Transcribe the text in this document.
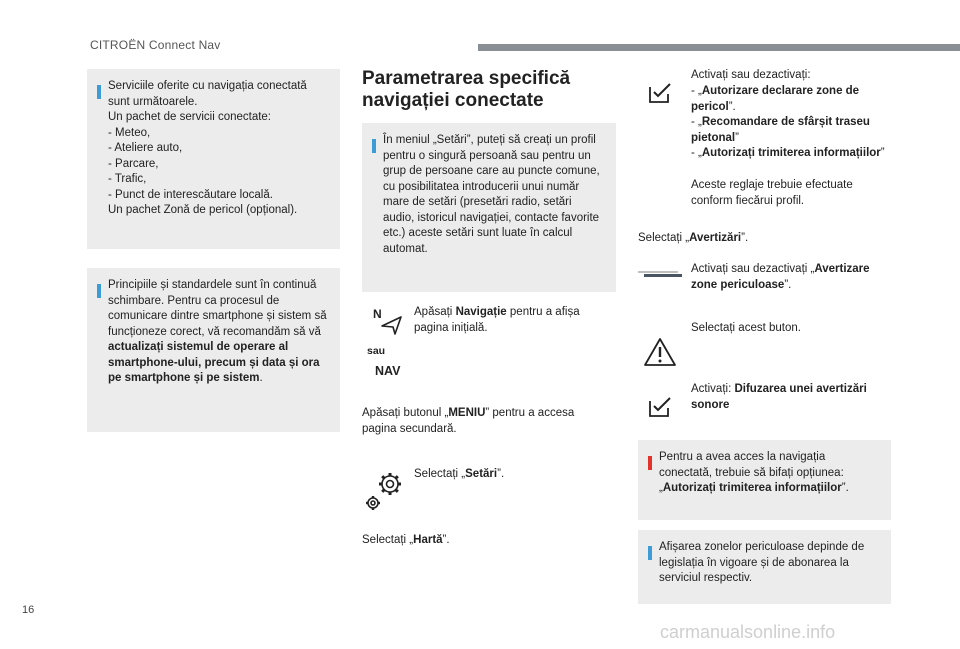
CITROËN Connect Nav
Serviciile oferite cu navigația conectată sunt următoarele.
Un pachet de servicii conectate:
- Meteo,
- Ateliere auto,
- Parcare,
- Trafic,
- Punct de interescăutare locală.
Un pachet Zonă de pericol (opțional).
Principiile și standardele sunt în continuă schimbare. Pentru ca procesul de comunicare dintre smartphone și sistem să funcționeze corect, vă recomandăm să vă actualizați sistemul de operare al smartphone-ului, precum și data și ora pe smartphone și pe sistem.
Parametrarea specifică
navigației conectate
În meniul „Setări”, puteți să creați un profil pentru o singură persoană sau pentru un grup de persoane care au puncte comune, cu posibilitatea introducerii unui număr mare de setări (presetări radio, setări audio, istoricul navigației, contacte favorite etc.) aceste setări sunt luate în calcul automat.
N
sau
NAV
Apăsați Navigație pentru a afișa pagina inițială.
Apăsați butonul „MENIU” pentru a accesa pagina secundară.
Selectați „Setări”.
Selectați „Hartă”.
Activați sau dezactivați:
- „Autorizare declarare zone de pericol”.
- „Recomandare de sfârșit traseu pietonal”
- „Autorizați trimiterea informațiilor”
Aceste reglaje trebuie efectuate conform fiecărui profil.
Selectați „Avertizări”.
Activați sau dezactivați „Avertizare zone periculoase”.
Selectați acest buton.
Activați: Difuzarea unei avertizări sonore
Pentru a avea acces la navigația conectată, trebuie să bifați opțiunea: „Autorizați trimiterea informațiilor”.
Afișarea zonelor periculoase depinde de legislația în vigoare și de abonarea la serviciul respectiv.
16
carmanualsonline.info
